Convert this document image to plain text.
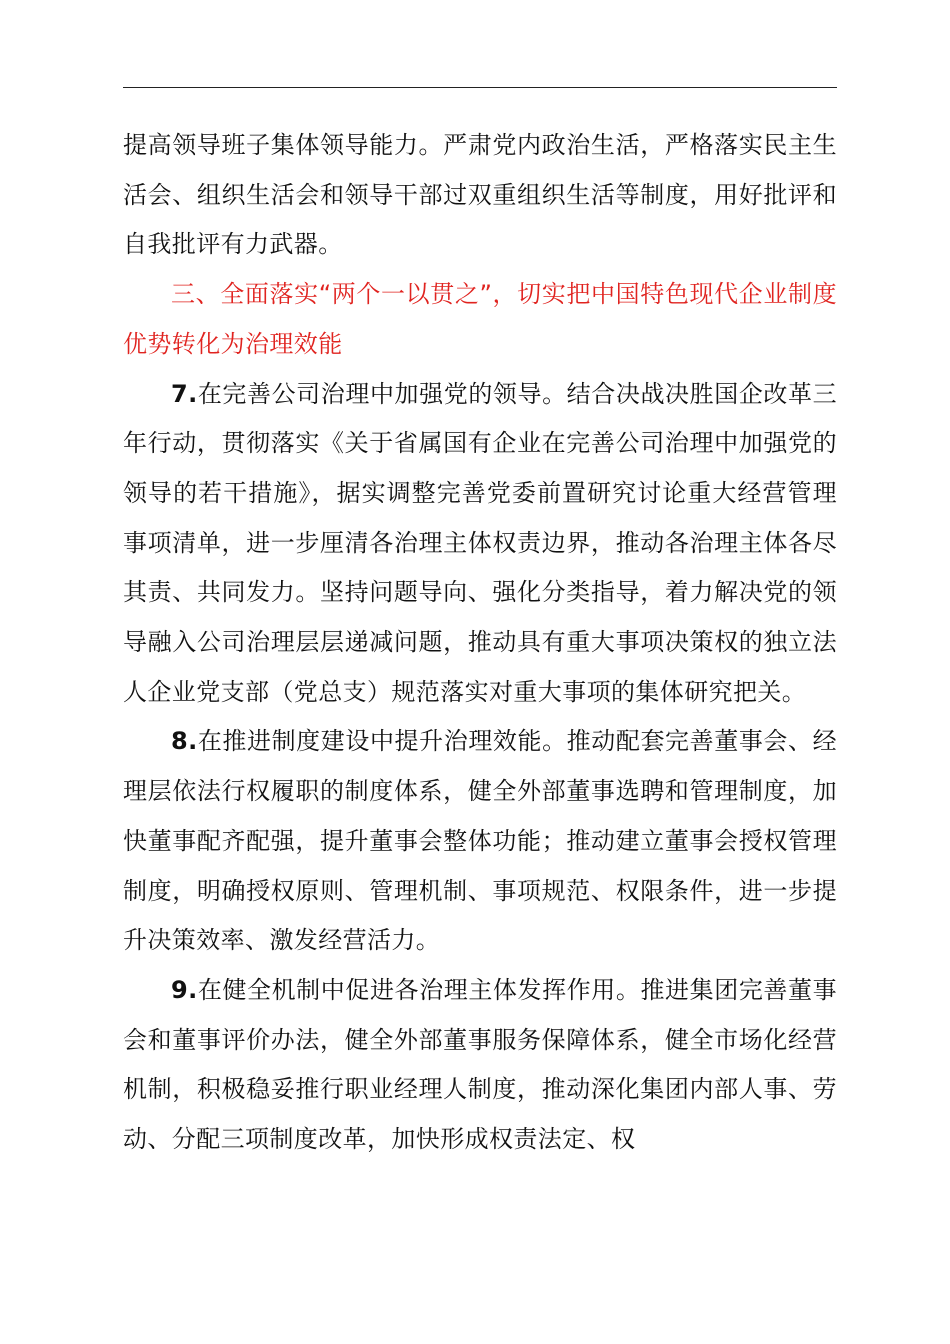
提高领导班子集体领导能力。严肃党内政治生活，严格落实民主生活会、组织生活会和领导干部过双重组织生活等制度，用好批评和自我批评有力武器。

三、全面落实“两个一以贯之”，切实把中国特色现代企业制度优势转化为治理效能

7.在完善公司治理中加强党的领导。结合决战决胜国企改革三年行动，贯彻落实《关于省属国有企业在完善公司治理中加强党的领导的若干措施》，据实调整完善党委前置研究讨论重大经营管理事项清单，进一步厘清各治理主体权责边界，推动各治理主体各尽其责、共同发力。坚持问题导向、强化分类指导，着力解决党的领导融入公司治理层层递减问题，推动具有重大事项决策权的独立法人企业党支部（党总支）规范落实对重大事项的集体研究把关。

8.在推进制度建设中提升治理效能。推动配套完善董事会、经理层依法行权履职的制度体系，健全外部董事选聘和管理制度，加快董事配齐配强，提升董事会整体功能；推动建立董事会授权管理制度，明确授权原则、管理机制、事项规范、权限条件，进一步提升决策效率、激发经营活力。

9.在健全机制中促进各治理主体发挥作用。推进集团完善董事会和董事评价办法，健全外部董事服务保障体系，健全市场化经营机制，积极稳妥推行职业经理人制度，推动深化集团内部人事、劳动、分配三项制度改革，加快形成权责法定、权
